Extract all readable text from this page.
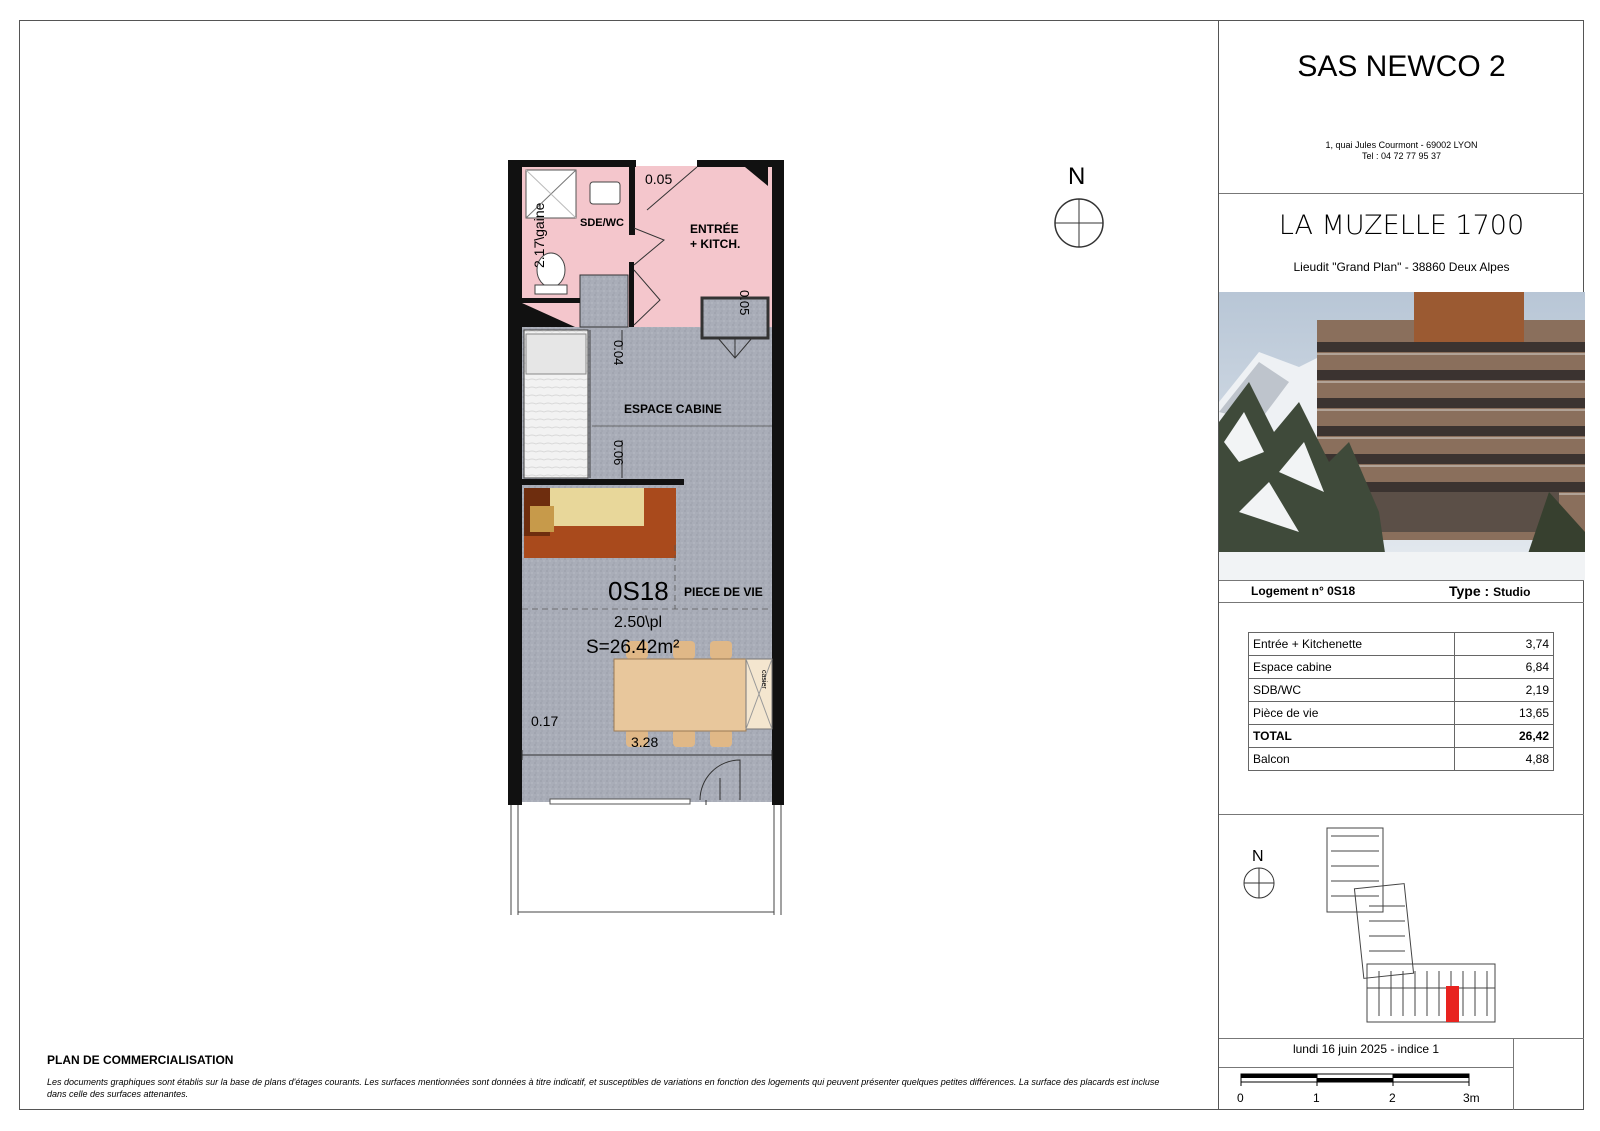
SDE/WC
2.17\gaine	ENTRÉE
+ KITCH.
0.05
0.05
0.04
ESPACE CABINE
0.06
0S18 PIECE DE VIE
2.50\pl
S=26.42m²
casier
0.17
3.28
N
PLAN DE COMMERCIALISATION
Les documents graphiques sont établis sur la base de plans d'étages courants. Les surfaces mentionnées sont données à titre indicatif, et susceptibles de variations en fonction des logements qui peuvent présenter quelques petites différences. La surface des placards est incluse dans celle des surfaces attenantes.
SAS NEWCO 2
1, quai Jules Courmont - 69002 LYON
Tel : 04 72 77 95 37
LA MUZELLE 1700
Lieudit "Grand Plan" - 38860 Deux Alpes
Logement n° 0S18	Type : Studio
Entrée + Kitchenette	3,74
Espace cabine	6,84
SDB/WC	2,19
Pièce de vie	13,65
TOTAL	26,42
Balcon	4,88
N
lundi 16 juin 2025 - indice 1
0	1	2	3m
